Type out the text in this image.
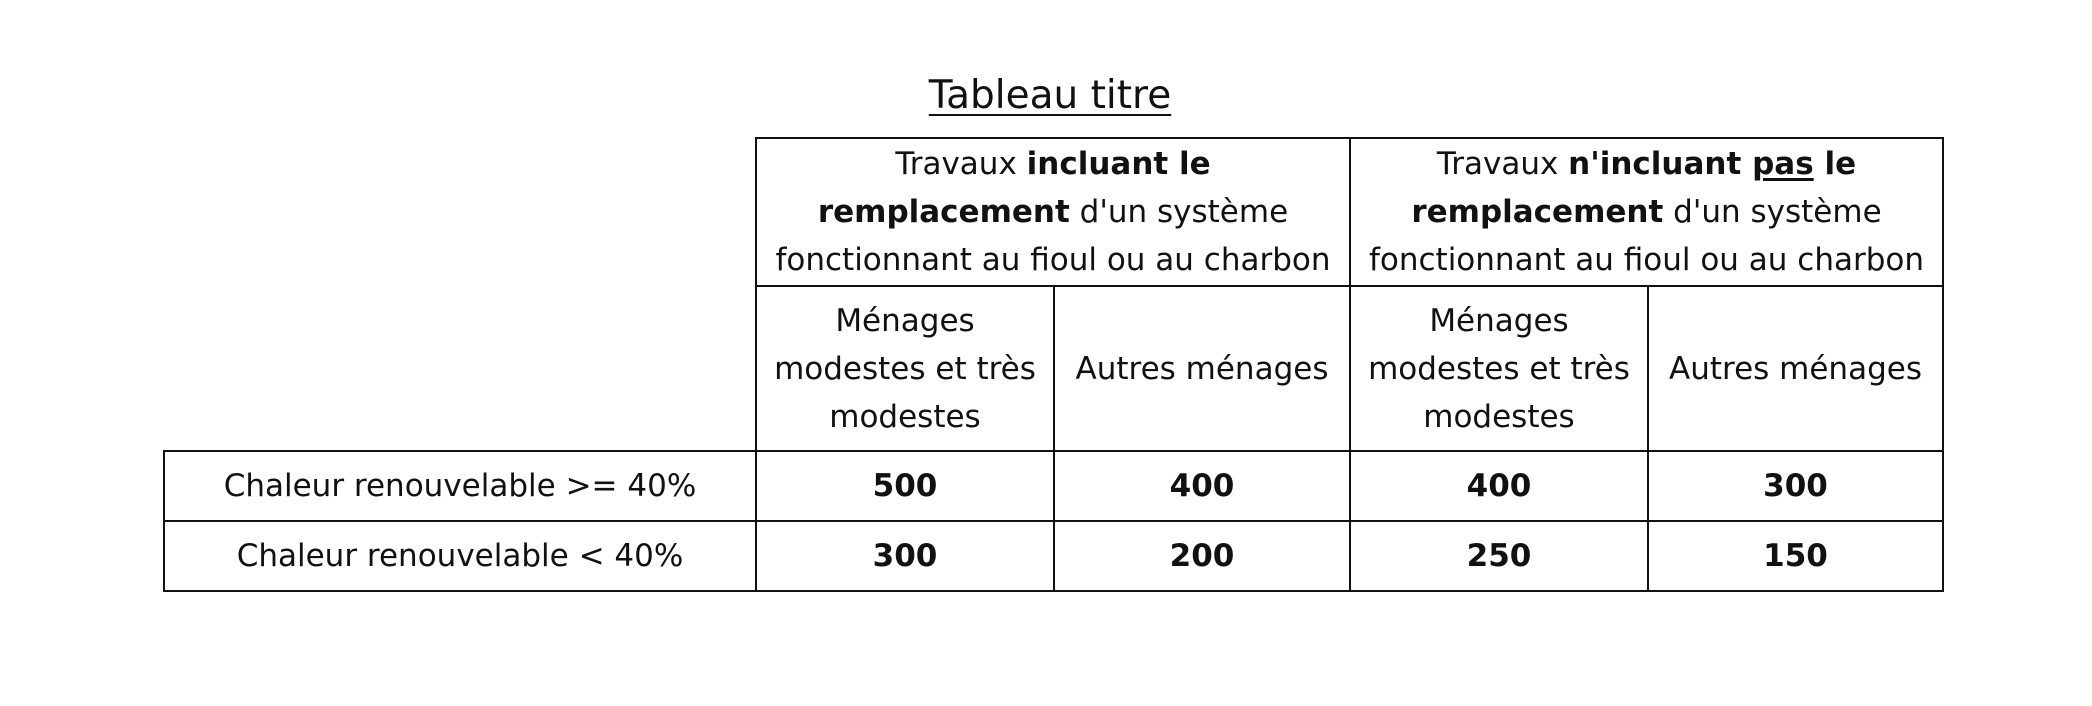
Tableau titre

	Travaux incluant le remplacement d'un système fonctionnant au fioul ou au charbon		Travaux n'incluant pas le remplacement d'un système fonctionnant au fioul ou au charbon	

	Ménages modestes et très modestes	Autres ménages	Ménages modestes et très modestes	Autres ménages

Chaleur renouvelable >= 40%	500	400	400	300
Chaleur renouvelable < 40%	300	200	250	150
